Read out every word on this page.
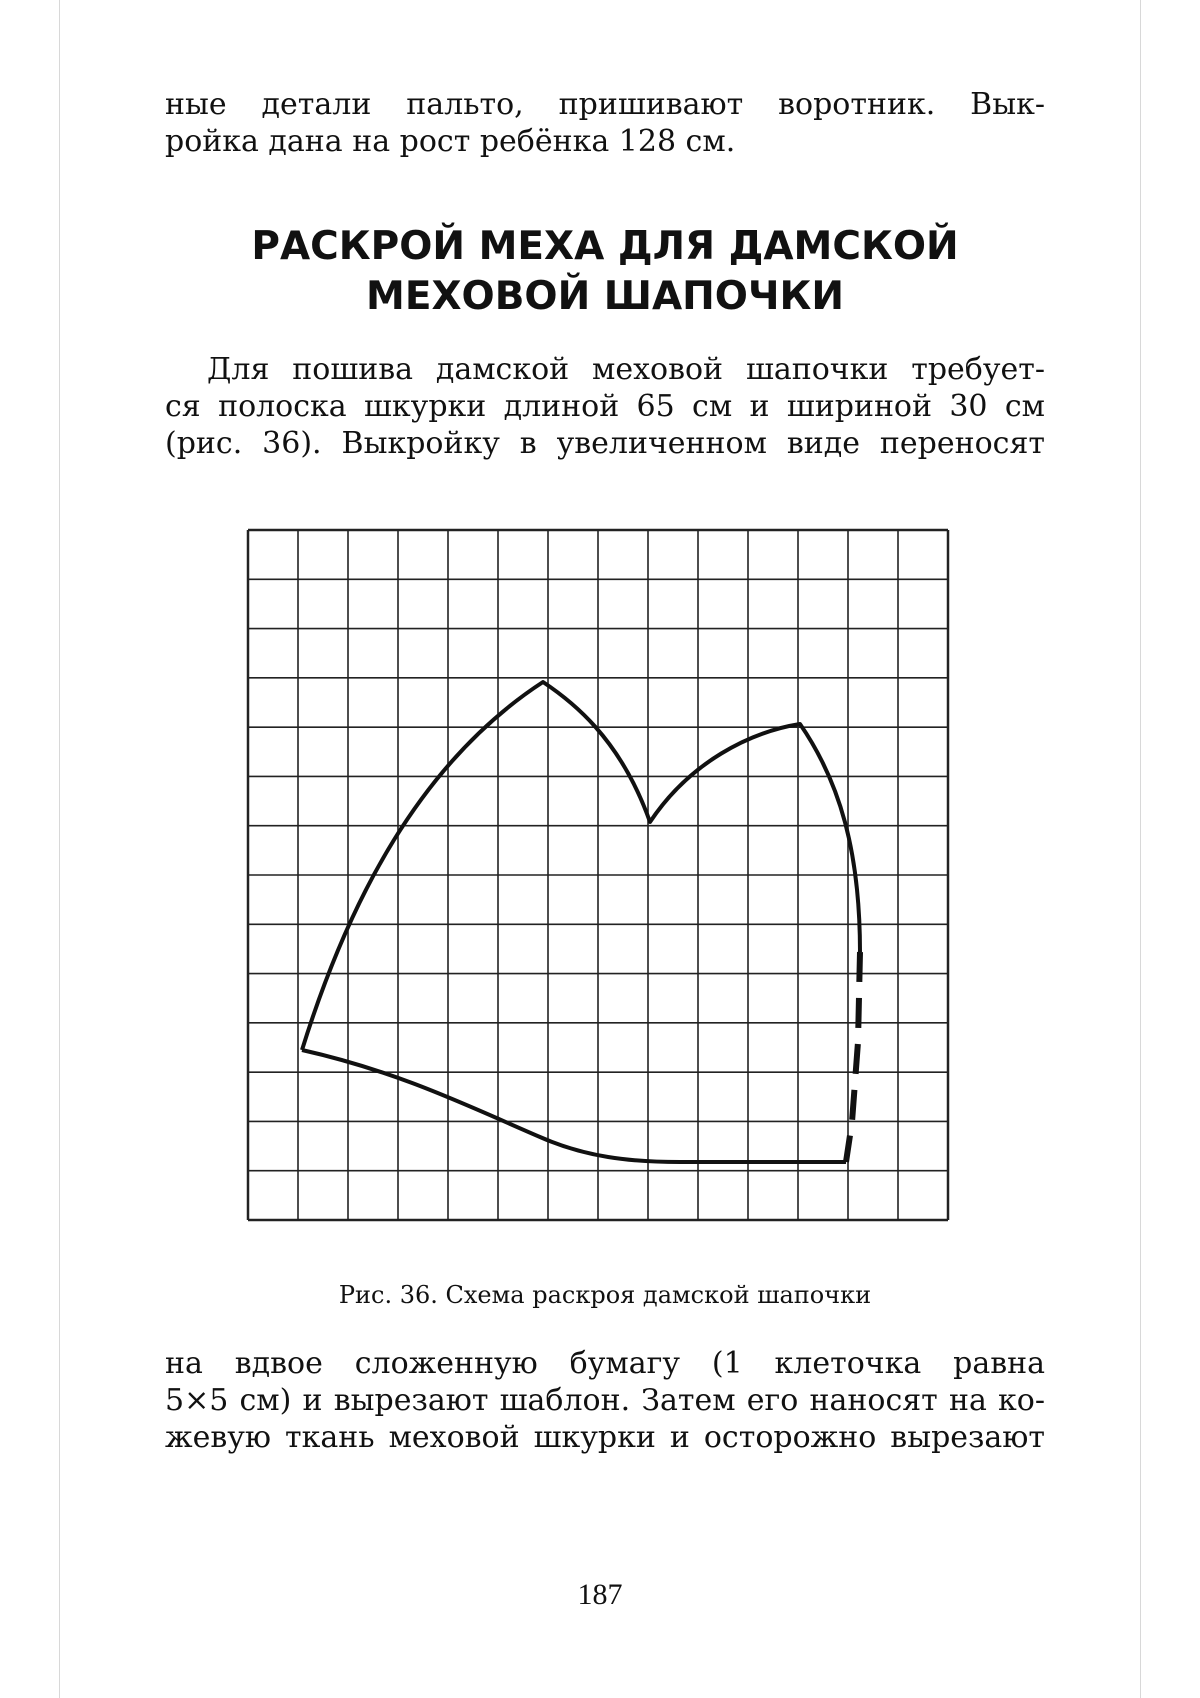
ные детали пальто, пришивают воротник. Вык-
ройка дана на рост ребёнка 128 см.

РАСКРОЙ МЕХА ДЛЯ ДАМСКОЙ
МЕХОВОЙ ШАПОЧКИ

Для пошива дамской меховой шапочки требует-
ся полоска шкурки длиной 65 см и шириной 30 см
(рис. 36). Выкройку в увеличенном виде переносят

Рис. 36. Схема раскроя дамской шапочки

на вдвое сложенную бумагу (1 клеточка равна
5×5 см) и вырезают шаблон. Затем его наносят на ко-
жевую ткань меховой шкурки и осторожно вырезают

187
